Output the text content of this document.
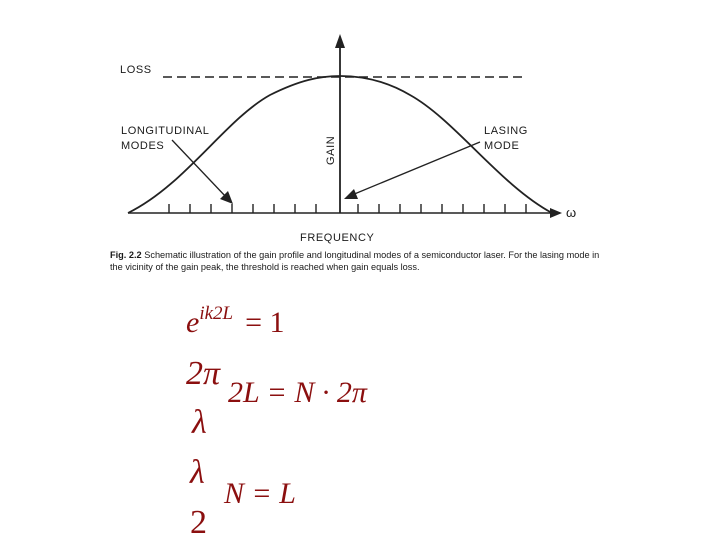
LOSS
ω
GAIN
LONGITUDINAL
MODES
LASING
MODE
FREQUENCY
Fig. 2.2 Schematic illustration of the gain profile and longitudinal modes of a semiconductor laser. For the lasing mode in the vicinity of the gain peak, the threshold is reached when gain equals loss.
$e^{ik2L} = 1$
2π
2L = N · 2π
λ
λ
N = L
2
